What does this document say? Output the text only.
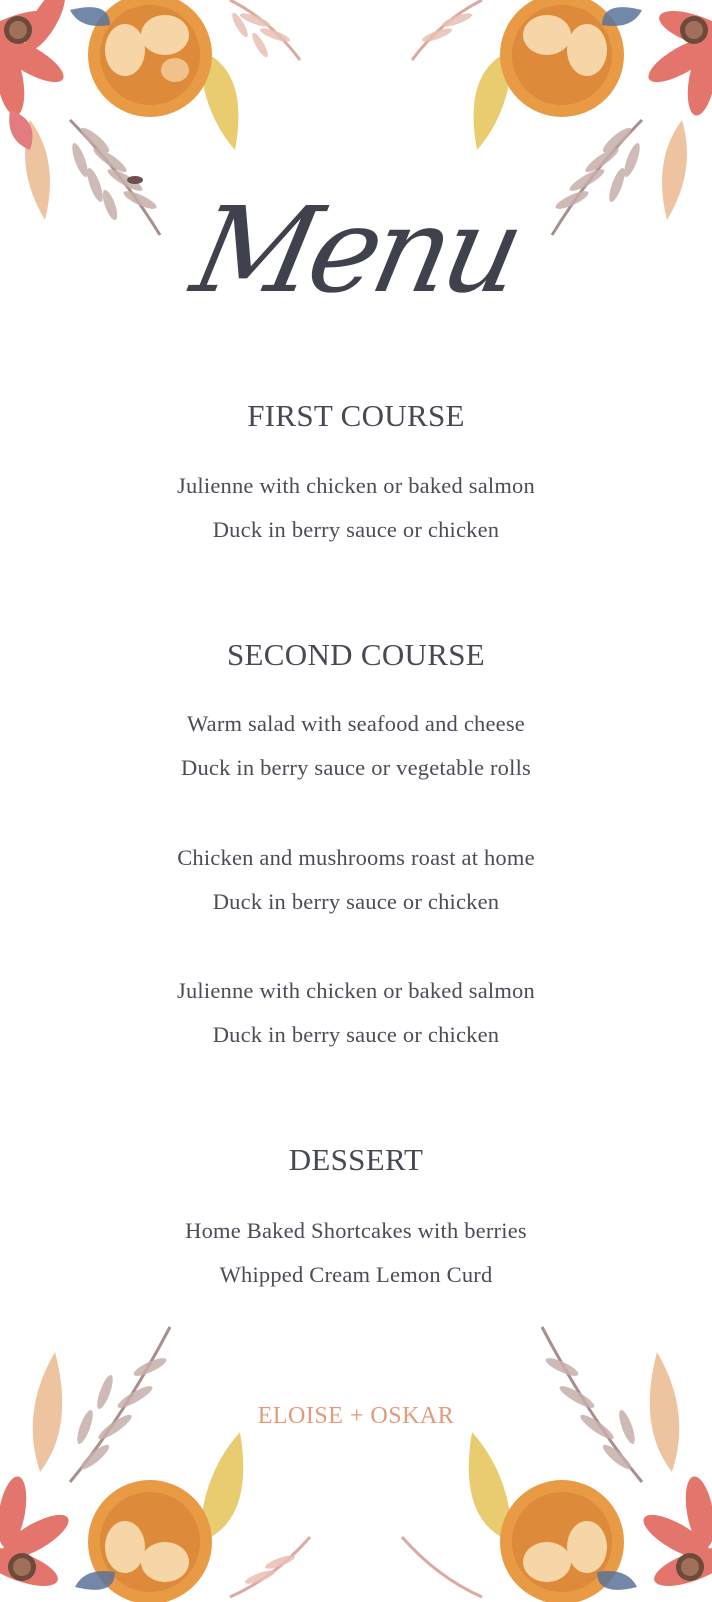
Menu
FIRST COURSE
Julienne with chicken or baked salmon
Duck in berry sauce or chicken
SECOND COURSE
Warm salad with seafood and cheese
Duck in berry sauce or vegetable rolls
Chicken and mushrooms roast at home
Duck in berry sauce or chicken
Julienne with chicken or baked salmon
Duck in berry sauce or chicken
DESSERT
Home Baked Shortcakes with berries
Whipped Cream Lemon Curd
ELOISE + OSKAR
